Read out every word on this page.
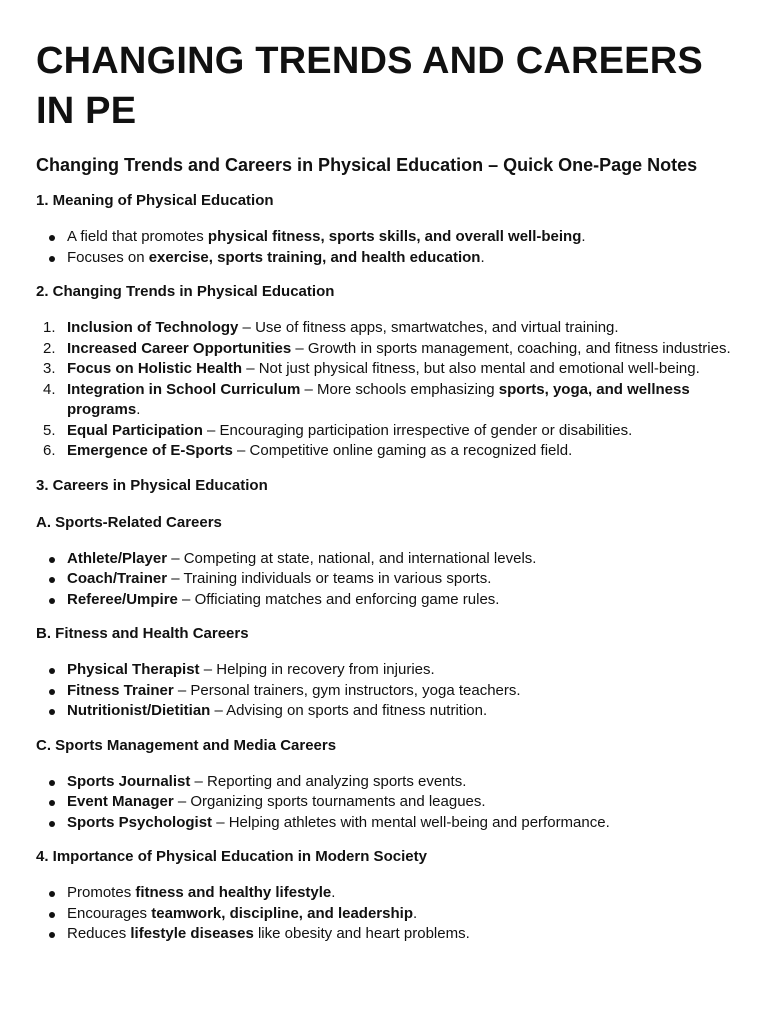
CHANGING TRENDS AND CAREERS IN PE
Changing Trends and Careers in Physical Education – Quick One-Page Notes
1. Meaning of Physical Education
A field that promotes physical fitness, sports skills, and overall well-being.
Focuses on exercise, sports training, and health education.
2. Changing Trends in Physical Education
1. Inclusion of Technology – Use of fitness apps, smartwatches, and virtual training.
2. Increased Career Opportunities – Growth in sports management, coaching, and fitness industries.
3. Focus on Holistic Health – Not just physical fitness, but also mental and emotional well-being.
4. Integration in School Curriculum – More schools emphasizing sports, yoga, and wellness programs.
5. Equal Participation – Encouraging participation irrespective of gender or disabilities.
6. Emergence of E-Sports – Competitive online gaming as a recognized field.
3. Careers in Physical Education
A. Sports-Related Careers
Athlete/Player – Competing at state, national, and international levels.
Coach/Trainer – Training individuals or teams in various sports.
Referee/Umpire – Officiating matches and enforcing game rules.
B. Fitness and Health Careers
Physical Therapist – Helping in recovery from injuries.
Fitness Trainer – Personal trainers, gym instructors, yoga teachers.
Nutritionist/Dietitian – Advising on sports and fitness nutrition.
C. Sports Management and Media Careers
Sports Journalist – Reporting and analyzing sports events.
Event Manager – Organizing sports tournaments and leagues.
Sports Psychologist – Helping athletes with mental well-being and performance.
4. Importance of Physical Education in Modern Society
Promotes fitness and healthy lifestyle.
Encourages teamwork, discipline, and leadership.
Reduces lifestyle diseases like obesity and heart problems.
